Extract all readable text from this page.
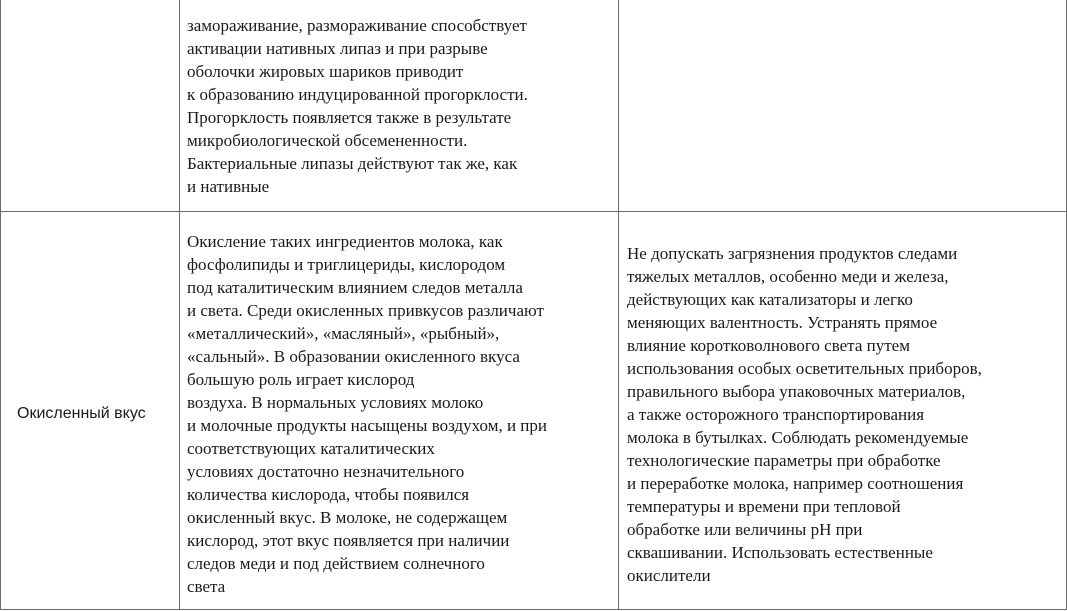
замораживание, размораживание способствует
активации нативных липаз и при разрыве
оболочки жировых шариков приводит
к образованию индуцированной прогорклости.
Прогорклость появляется также в результате
микробиологической обсемененности.
Бактериальные липазы действуют так же, как
и нативные
Окисленный вкус
Окисление таких ингредиентов молока, как
фосфолипиды и триглицериды, кислородом
под каталитическим влиянием следов металла
и света. Среди окисленных привкусов различают
«металлический», «масляный», «рыбный»,
«сальный». В образовании окисленного вкуса
большую роль играет кислород
воздуха. В нормальных условиях молоко
и молочные продукты насыщены воздухом, и при
соответствующих каталитических
условиях достаточно незначительного
количества кислорода, чтобы появился
окисленный вкус. В молоке, не содержащем
кислород, этот вкус появляется при наличии
следов меди и под действием солнечного
света
Не допускать загрязнения продуктов следами
тяжелых металлов, особенно меди и железа,
действующих как катализаторы и легко
меняющих валентность. Устранять прямое
влияние коротковолнового света путем
использования особых осветительных приборов,
правильного выбора упаковочных материалов,
а также осторожного транспортирования
молока в бутылках. Соблюдать рекомендуемые
технологические параметры при обработке
и переработке молока, например соотношения
температуры и времени при тепловой
обработке или величины pH при
сквашивании. Использовать естественные
окислители
